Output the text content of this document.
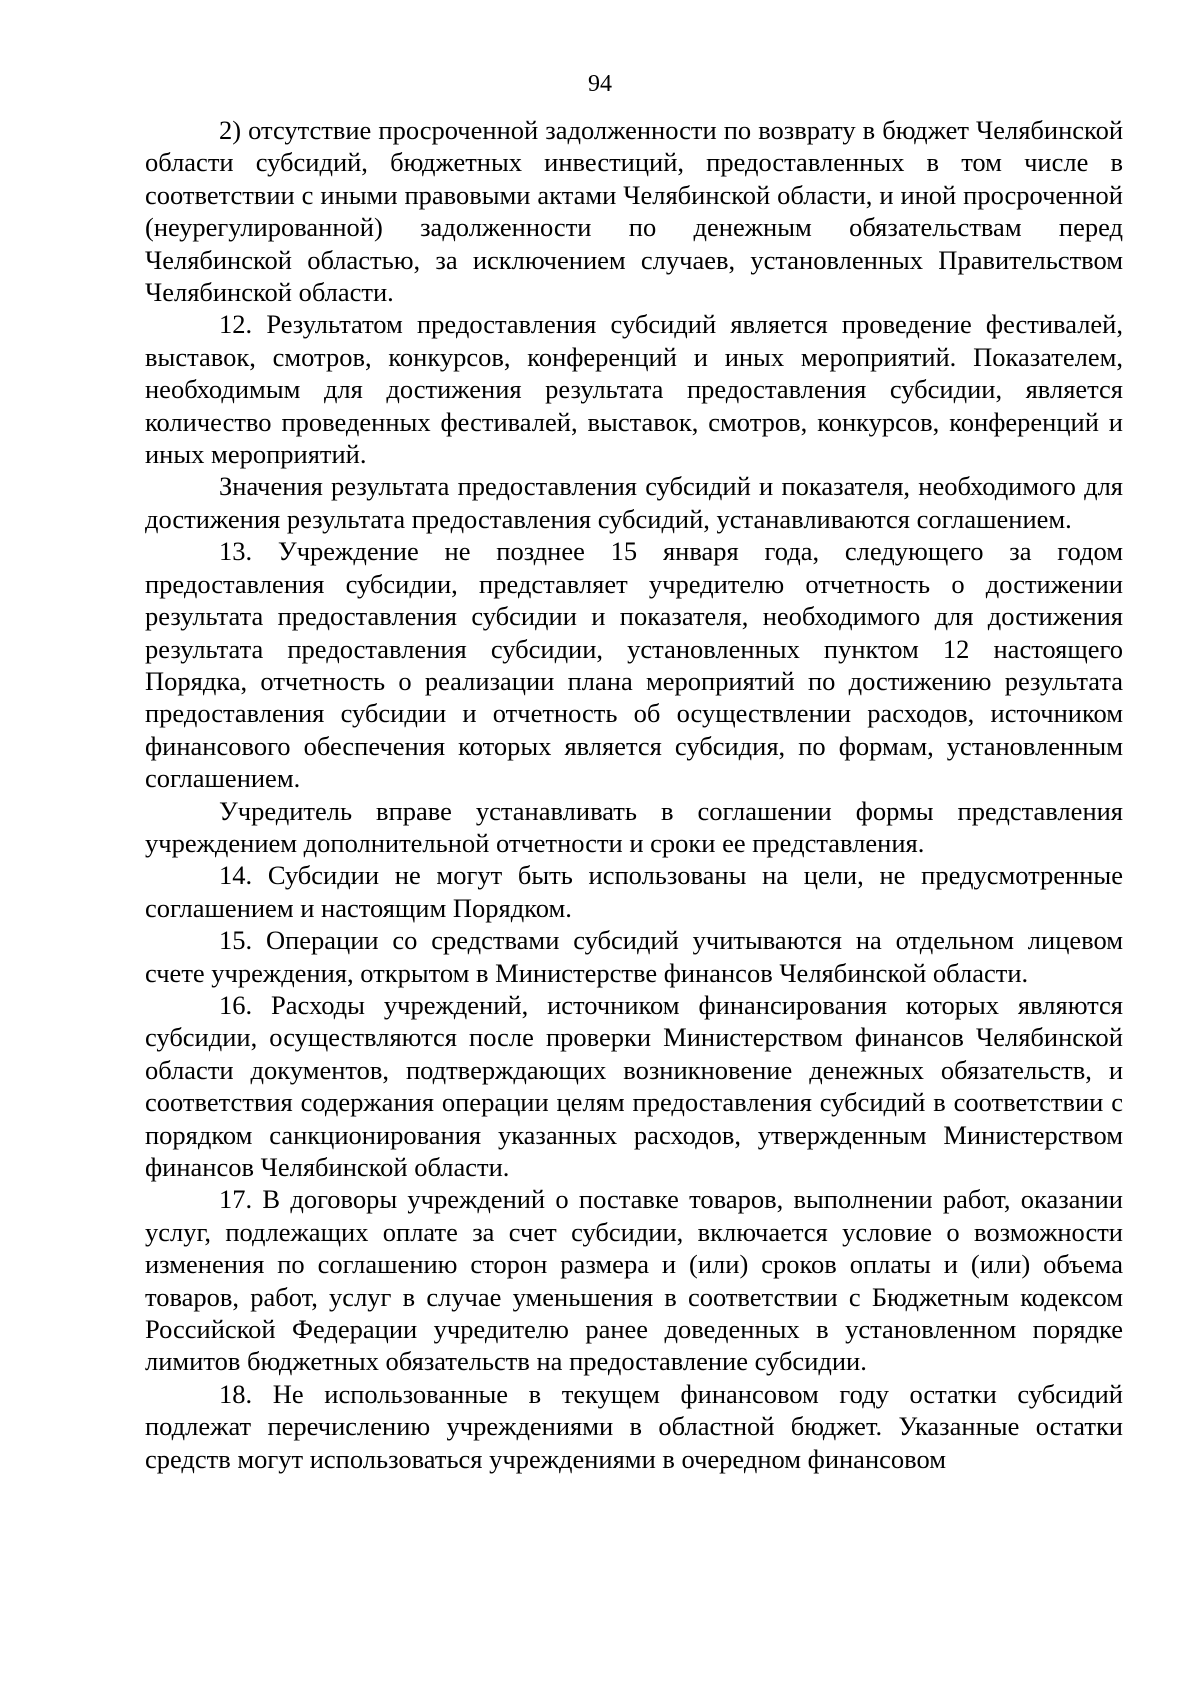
94

2) отсутствие просроченной задолженности по возврату в бюджет Челябинской области субсидий, бюджетных инвестиций, предоставленных в том числе в соответствии с иными правовыми актами Челябинской области, и иной просроченной (неурегулированной) задолженности по денежным обязательствам перед Челябинской областью, за исключением случаев, установленных Правительством Челябинской области.

12. Результатом предоставления субсидий является проведение фестивалей, выставок, смотров, конкурсов, конференций и иных мероприятий. Показателем, необходимым для достижения результата предоставления субсидии, является количество проведенных фестивалей, выставок, смотров, конкурсов, конференций и иных мероприятий.

Значения результата предоставления субсидий и показателя, необходимого для достижения результата предоставления субсидий, устанавливаются соглашением.

13. Учреждение не позднее 15 января года, следующего за годом предоставления субсидии, представляет учредителю отчетность о достижении результата предоставления субсидии и показателя, необходимого для достижения результата предоставления субсидии, установленных пунктом 12 настоящего Порядка, отчетность о реализации плана мероприятий по достижению результата предоставления субсидии и отчетность об осуществлении расходов, источником финансового обеспечения которых является субсидия, по формам, установленным соглашением.

Учредитель вправе устанавливать в соглашении формы представления учреждением дополнительной отчетности и сроки ее представления.

14. Субсидии не могут быть использованы на цели, не предусмотренные соглашением и настоящим Порядком.

15. Операции со средствами субсидий учитываются на отдельном лицевом счете учреждения, открытом в Министерстве финансов Челябинской области.

16. Расходы учреждений, источником финансирования которых являются субсидии, осуществляются после проверки Министерством финансов Челябинской области документов, подтверждающих возникновение денежных обязательств, и соответствия содержания операции целям предоставления субсидий в соответствии с порядком санкционирования указанных расходов, утвержденным Министерством финансов Челябинской области.

17. В договоры учреждений о поставке товаров, выполнении работ, оказании услуг, подлежащих оплате за счет субсидии, включается условие о возможности изменения по соглашению сторон размера и (или) сроков оплаты и (или) объема товаров, работ, услуг в случае уменьшения в соответствии с Бюджетным кодексом Российской Федерации учредителю ранее доведенных в установленном порядке лимитов бюджетных обязательств на предоставление субсидии.

18. Не использованные в текущем финансовом году остатки субсидий подлежат перечислению учреждениями в областной бюджет. Указанные остатки средств могут использоваться учреждениями в очередном финансовом
